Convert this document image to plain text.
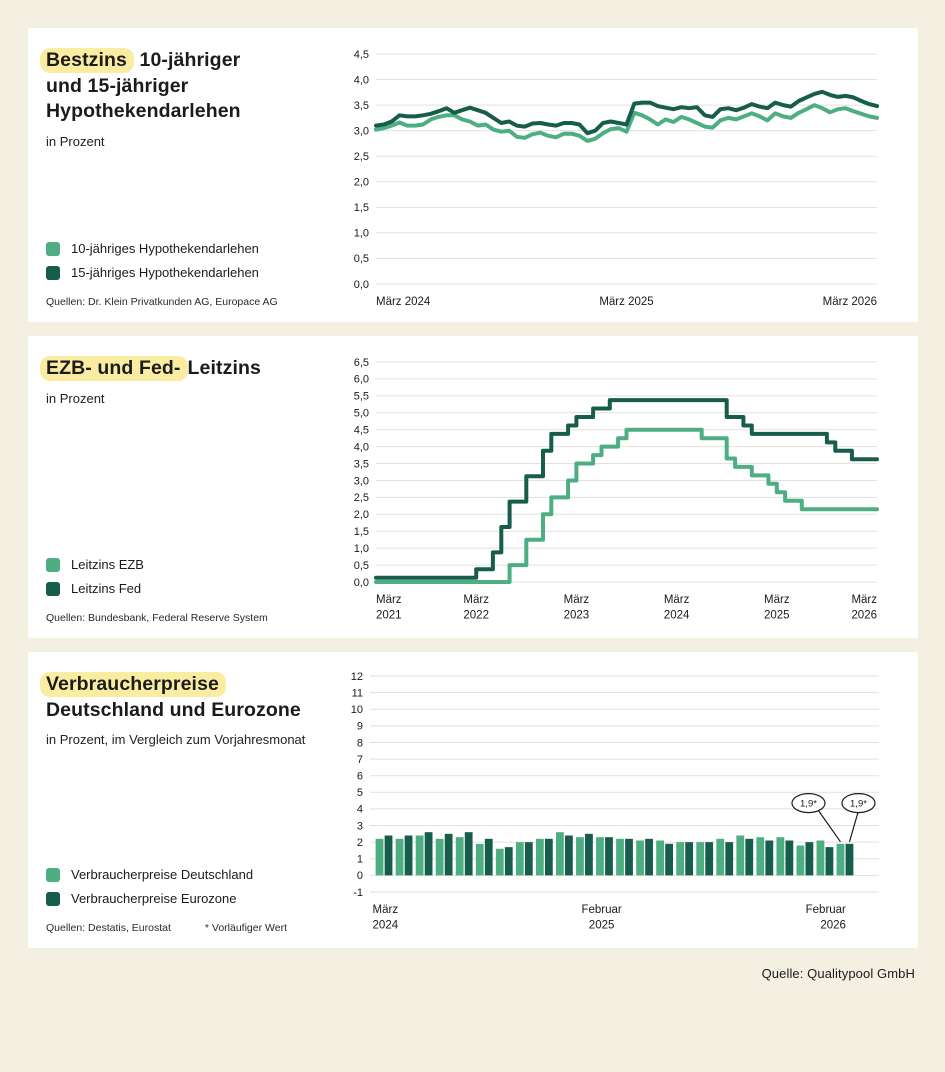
Bestzins 10-jähriger
und 15-jähriger
Hypothekendarlehen
in Prozent
10-jähriges Hypothekendarlehen
15-jähriges Hypothekendarlehen
Quellen: Dr. Klein Privatkunden AG, Europace AG
4,5
4,0
3,5
3,0
2,5
2,0
1,5
1,0
0,5
0,0
März 2024	März 2025	März 2026
EZB- und Fed- Leitzins
in Prozent
Leitzins EZB
Leitzins Fed
Quellen: Bundesbank, Federal Reserve System
6,5
6,0
5,5
5,0
4,5
4,0
3,5
3,0
2,5
2,0
1,5
1,0
0,5
0,0
März
2021
März
2022
März
2023
März
2024
März
2025
März
2026
Verbraucherpreise
Deutschland und Eurozone
in Prozent, im Vergleich zum Vorjahresmonat
Verbraucherpreise Deutschland
Verbraucherpreise Eurozone
Quellen: Destatis, Eurostat	* Vorläufiger Wert
12
11
10
9
8
7
6
5
4
3
2
1
0
-1
März
2024
Februar
2025
Februar
2026
1,9*	1,9*
Quelle: Qualitypool GmbH
